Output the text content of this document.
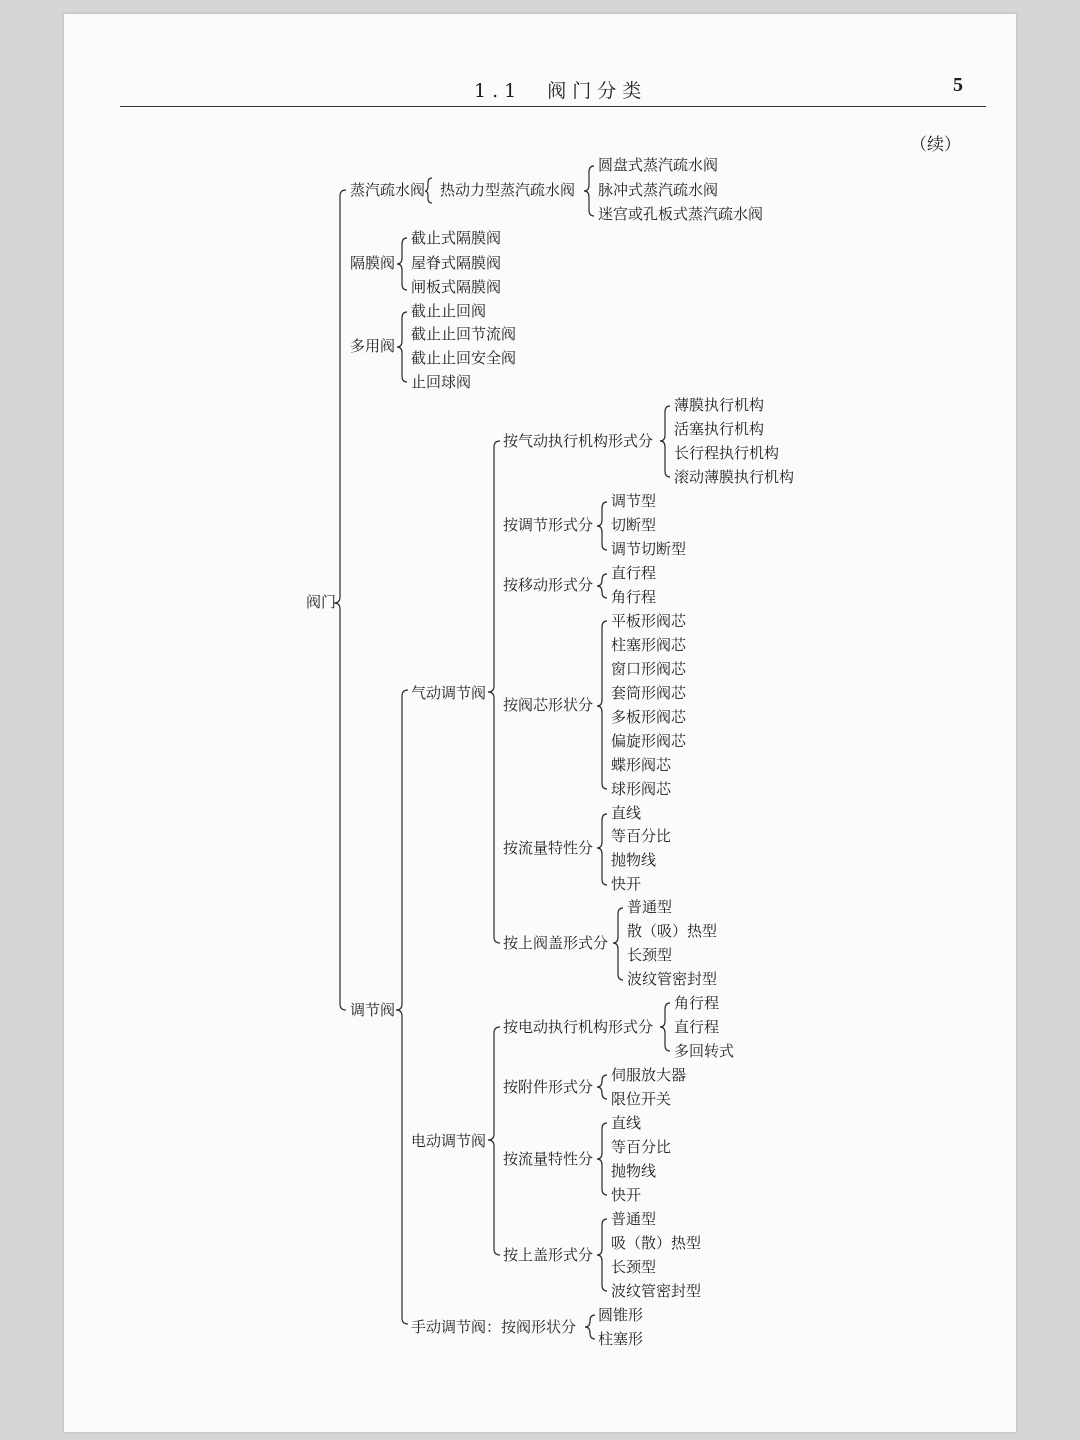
1.1　阀门分类	5
（续）
阀门
蒸汽疏水阀 热动力型蒸汽疏水阀
圆盘式蒸汽疏水阀
脉冲式蒸汽疏水阀
迷宫或孔板式蒸汽疏水阀
隔膜阀
截止式隔膜阀
屋脊式隔膜阀
闸板式隔膜阀
多用阀
截止止回阀
截止止回节流阀
截止止回安全阀
止回球阀
调节阀
气动调节阀
按气动执行机构形式分
薄膜执行机构
活塞执行机构
长行程执行机构
滚动薄膜执行机构
按调节形式分
调节型
切断型
调节切断型
按移动形式分
直行程
角行程
按阀芯形状分
平板形阀芯
柱塞形阀芯
窗口形阀芯
套筒形阀芯
多板形阀芯
偏旋形阀芯
蝶形阀芯
球形阀芯
按流量特性分
直线
等百分比
抛物线
快开
按上阀盖形式分
普通型
散（吸）热型
长颈型
波纹管密封型
电动调节阀
按电动执行机构形式分
角行程
直行程
多回转式
按附件形式分
伺服放大器
限位开关
按流量特性分
直线
等百分比
抛物线
快开
按上盖形式分
普通型
吸（散）热型
长颈型
波纹管密封型
手动调节阀：按阀形状分
圆锥形
柱塞形
